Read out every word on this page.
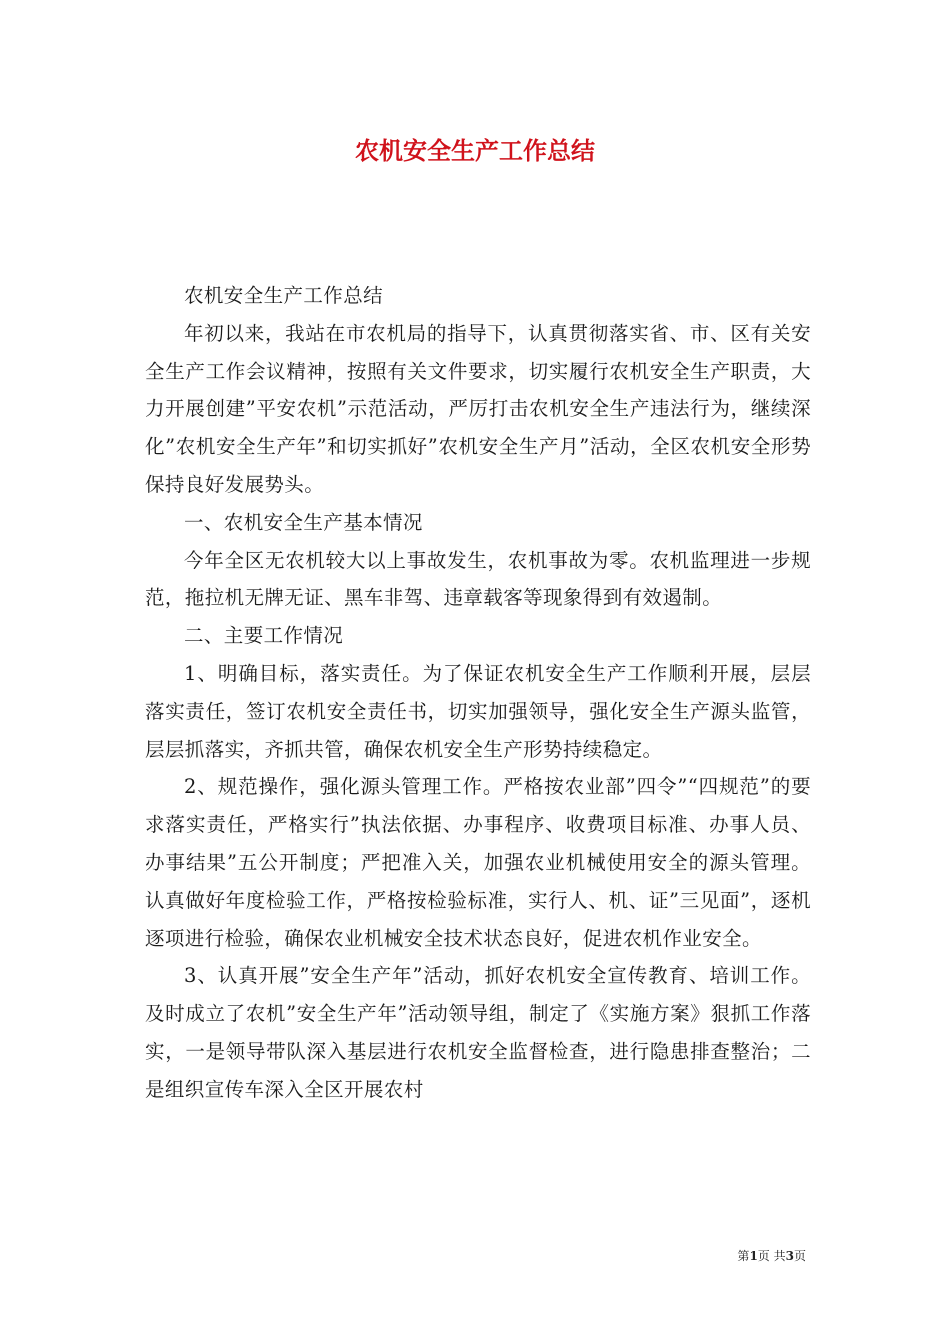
农机安全生产工作总结

农机安全生产工作总结

年初以来，我站在市农机局的指导下，认真贯彻落实省、市、区有关安全生产工作会议精神，按照有关文件要求，切实履行农机安全生产职责，大力开展创建”平安农机”示范活动，严厉打击农机安全生产违法行为，继续深化”农机安全生产年”和切实抓好”农机安全生产月”活动，全区农机安全形势保持良好发展势头。

一、农机安全生产基本情况

今年全区无农机较大以上事故发生，农机事故为零。农机监理进一步规范，拖拉机无牌无证、黑车非驾、违章载客等现象得到有效遏制。

二、主要工作情况

1、明确目标，落实责任。为了保证农机安全生产工作顺利开展，层层落实责任，签订农机安全责任书，切实加强领导，强化安全生产源头监管，层层抓落实，齐抓共管，确保农机安全生产形势持续稳定。

2、规范操作，强化源头管理工作。严格按农业部”四令”“四规范”的要求落实责任，严格实行”执法依据、办事程序、收费项目标准、办事人员、办事结果”五公开制度；严把准入关，加强农业机械使用安全的源头管理。认真做好年度检验工作，严格按检验标准，实行人、机、证”三见面”，逐机逐项进行检验，确保农业机械安全技术状态良好，促进农机作业安全。

3、认真开展”安全生产年”活动，抓好农机安全宣传教育、培训工作。及时成立了农机”安全生产年”活动领导组，制定了《实施方案》狠抓工作落实，一是领导带队深入基层进行农机安全监督检查，进行隐患排查整治；二是组织宣传车深入全区开展农村

第1页 共3页
